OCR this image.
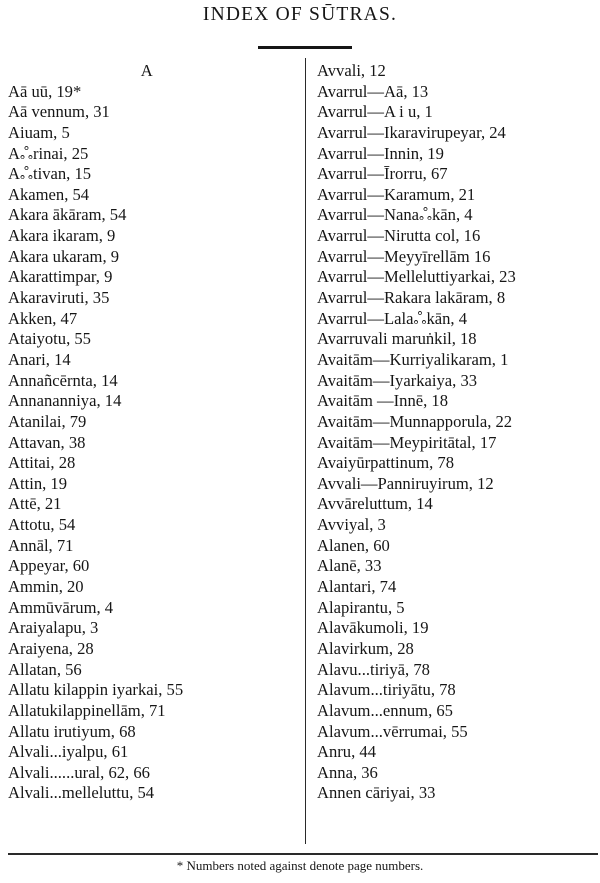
INDEX OF SŪTRAS.
A
Aā uū, 19*
Aā vennum, 31
Aiuam, 5
Aஃrinai, 25
Aஃtivan, 15
Akamen, 54
Akara ākāram, 54
Akara ikaram, 9
Akara ukaram, 9
Akarattimpar, 9
Akaraviruti, 35
Akken, 47
Ataiyotu, 55
Anari, 14
Annañcērnta, 14
Annananniya, 14
Atanilai, 79
Attavan, 38
Attitai, 28
Attin, 19
Attē, 21
Attotu, 54
Annāl, 71
Appeyar, 60
Ammin, 20
Ammūvārum, 4
Araiyalapu, 3
Araiyena, 28
Allatan, 56
Allatu kilappin iyarkai, 55
Allatukilappinellām, 71
Allatu irutiyum, 68
Alvali...iyalpu, 61
Alvali......ural, 62, 66
Alvali...melleluttu, 54
Avvali, 12
Avarrul—Aā, 13
Avarrul—A i u, 1
Avarrul—Ikaravirupeyar, 24
Avarrul—Innin, 19
Avarrul—Īrorru, 67
Avarrul—Karamum, 21
Avarrul—Nanaஃkān, 4
Avarrul—Nirutta col, 16
Avarrul—Meyyīrellām 16
Avarrul—Melleluttiyarkai, 23
Avarrul—Rakara lakāram, 8
Avarrul—Lalaஃkān, 4
Avarruvali maruṅkil, 18
Avaitām—Kurriyalikaram, 1
Avaitām—Iyarkaiya, 33
Avaitām —Innē, 18
Avaitām—Munnapporula, 22
Avaitām—Meypiritātal, 17
Avaiyūrpattinum, 78
Avvali—Panniruyirum, 12
Avvāreluttum, 14
Avviyal, 3
Alanen, 60
Alanē, 33
Alantari, 74
Alapirantu, 5
Alavākumoli, 19
Alavirkum, 28
Alavu...tiriyā, 78
Alavum...tiriyātu, 78
Alavum...ennum, 65
Alavum...vērrumai, 55
Anru, 44
Anna, 36
Annen cāriyai, 33
* Numbers noted against denote page numbers.
